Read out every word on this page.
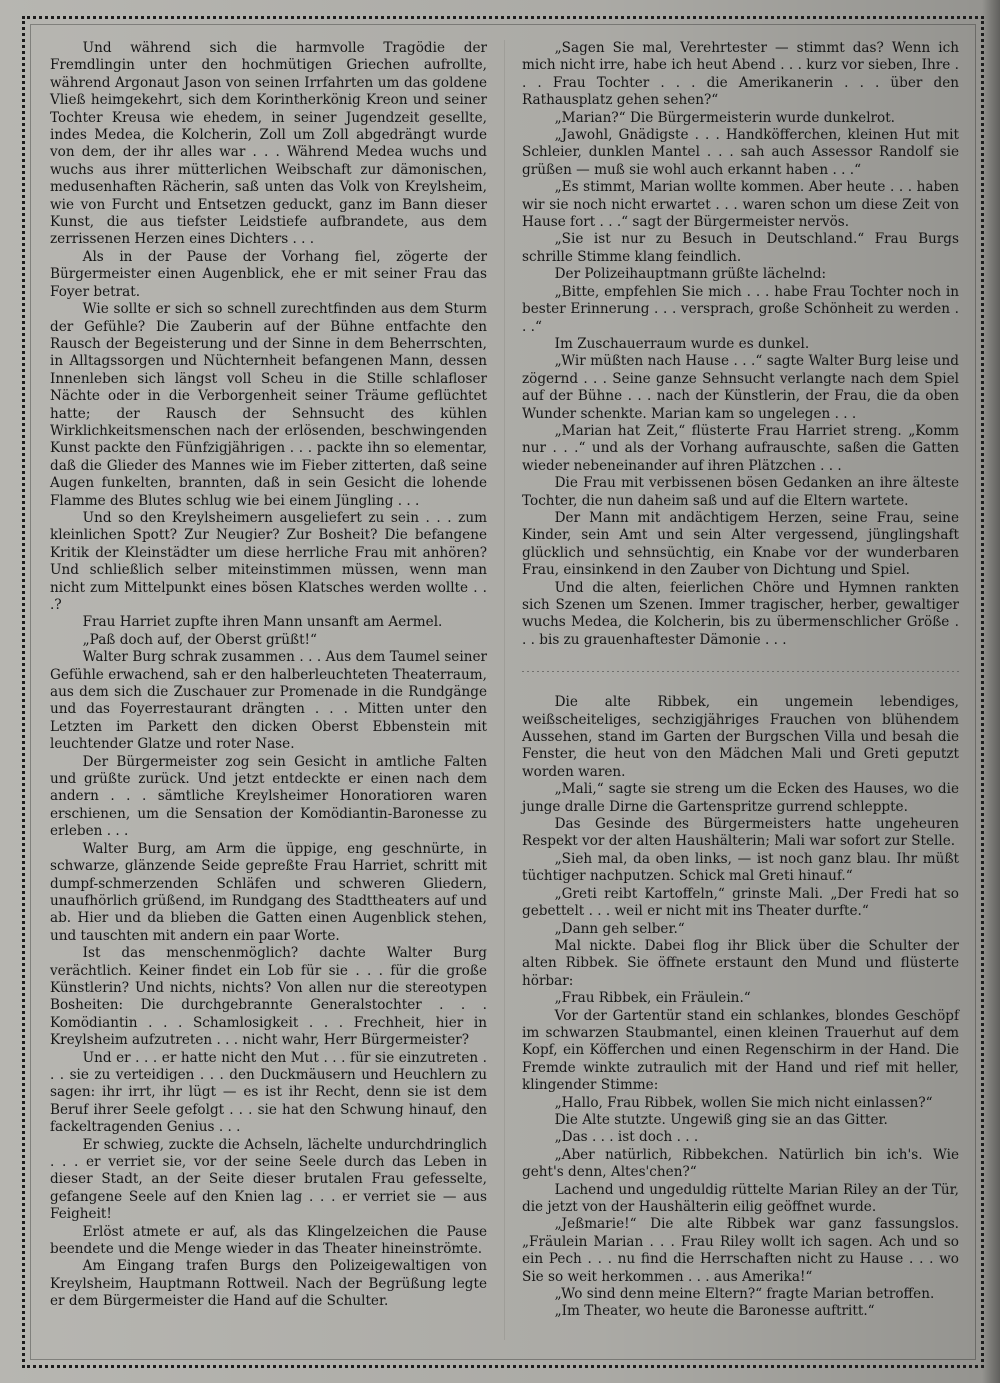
Und während sich die harmvolle Tragödie der Fremdlingin unter den hochmütigen Griechen aufrollte, während Argonaut Jason von seinen Irrfahrten um das goldene Vließ heimgekehrt, sich dem Korintherkönig Kreon und seiner Tochter Kreusa wie ehedem, in seiner Jugendzeit gesellte, indes Medea, die Kolcherin, Zoll um Zoll abgedrängt wurde von dem, der ihr alles war . . . Während Medea wuchs und wuchs aus ihrer mütterlichen Weibschaft zur dämonischen, medusenhaften Rächerin, saß unten das Volk von Kreylsheim, wie von Furcht und Entsetzen geduckt, ganz im Bann dieser Kunst, die aus tiefster Leidstiefe aufbrandete, aus dem zerrissenen Herzen eines Dichters . . .

Als in der Pause der Vorhang fiel, zögerte der Bürgermeister einen Augenblick, ehe er mit seiner Frau das Foyer betrat.

Wie sollte er sich so schnell zurechtfinden aus dem Sturm der Gefühle? Die Zauberin auf der Bühne entfachte den Rausch der Begeisterung und der Sinne in dem Beherrschten, in Alltagssorgen und Nüchternheit befangenen Mann, dessen Innenleben sich längst voll Scheu in die Stille schlafloser Nächte oder in die Verborgenheit seiner Träume geflüchtet hatte; der Rausch der Sehnsucht des kühlen Wirklichkeitsmenschen nach der erlösenden, beschwingenden Kunst packte den Fünfzigjährigen . . . packte ihn so elementar, daß die Glieder des Mannes wie im Fieber zitterten, daß seine Augen funkelten, brannten, daß in sein Gesicht die lohende Flamme des Blutes schlug wie bei einem Jüngling . . .

Und so den Kreylsheimern ausgeliefert zu sein . . . zum kleinlichen Spott? Zur Neugier? Zur Bosheit? Die befangene Kritik der Kleinstädter um diese herrliche Frau mit anhören? Und schließlich selber miteinstimmen müssen, wenn man nicht zum Mittelpunkt eines bösen Klatsches werden wollte . . .?

Frau Harriet zupfte ihren Mann unsanft am Aermel.

„Paß doch auf, der Oberst grüßt!“

Walter Burg schrak zusammen . . . Aus dem Taumel seiner Gefühle erwachend, sah er den halberleuchteten Theaterraum, aus dem sich die Zuschauer zur Promenade in die Rundgänge und das Foyerrestaurant drängten . . . Mitten unter den Letzten im Parkett den dicken Oberst Ebbenstein mit leuchtender Glatze und roter Nase.

Der Bürgermeister zog sein Gesicht in amtliche Falten und grüßte zurück. Und jetzt entdeckte er einen nach dem andern . . . sämtliche Kreylsheimer Honoratioren waren erschienen, um die Sensation der Komödiantin-Baronesse zu erleben . . .

Walter Burg, am Arm die üppige, eng geschnürte, in schwarze, glänzende Seide gepreßte Frau Harriet, schritt mit dumpf-schmerzenden Schläfen und schweren Gliedern, unaufhörlich grüßend, im Rundgang des Stadttheaters auf und ab. Hier und da blieben die Gatten einen Augenblick stehen, und tauschten mit andern ein paar Worte.

Ist das menschenmöglich? dachte Walter Burg verächtlich. Keiner findet ein Lob für sie . . . für die große Künstlerin? Und nichts, nichts? Von allen nur die stereotypen Bosheiten: Die durchgebrannte Generalstochter . . . Komödiantin . . . Schamlosigkeit . . . Frechheit, hier in Kreylsheim aufzutreten . . . nicht wahr, Herr Bürgermeister?

Und er . . . er hatte nicht den Mut . . . für sie einzutreten . . . sie zu verteidigen . . . den Duckmäusern und Heuchlern zu sagen: ihr irrt, ihr lügt — es ist ihr Recht, denn sie ist dem Beruf ihrer Seele gefolgt . . . sie hat den Schwung hinauf, den fackeltragenden Genius . . .

Er schwieg, zuckte die Achseln, lächelte undurchdringlich . . . er verriet sie, vor der seine Seele durch das Leben in dieser Stadt, an der Seite dieser brutalen Frau gefesselte, gefangene Seele auf den Knien lag . . . er verriet sie — aus Feigheit!

Erlöst atmete er auf, als das Klingelzeichen die Pause beendete und die Menge wieder in das Theater hineinströmte.

Am Eingang trafen Burgs den Polizeigewaltigen von Kreylsheim, Hauptmann Rottweil. Nach der Begrüßung legte er dem Bürgermeister die Hand auf die Schulter.

„Sagen Sie mal, Verehrtester — stimmt das? Wenn ich mich nicht irre, habe ich heut Abend . . . kurz vor sieben, Ihre . . . Frau Tochter . . . die Amerikanerin . . . über den Rathausplatz gehen sehen?“

„Marian?“ Die Bürgermeisterin wurde dunkelrot.

„Jawohl, Gnädigste . . . Handköfferchen, kleinen Hut mit Schleier, dunklen Mantel . . . sah auch Assessor Randolf sie grüßen — muß sie wohl auch erkannt haben . . .“

„Es stimmt, Marian wollte kommen. Aber heute . . . haben wir sie noch nicht erwartet . . . waren schon um diese Zeit von Hause fort . . .“ sagt der Bürgermeister nervös.

„Sie ist nur zu Besuch in Deutschland.“ Frau Burgs schrille Stimme klang feindlich.

Der Polizeihauptmann grüßte lächelnd:

„Bitte, empfehlen Sie mich . . . habe Frau Tochter noch in bester Erinnerung . . . versprach, große Schönheit zu werden . . .“

Im Zuschauerraum wurde es dunkel.

„Wir müßten nach Hause . . .“ sagte Walter Burg leise und zögernd . . . Seine ganze Sehnsucht verlangte nach dem Spiel auf der Bühne . . . nach der Künstlerin, der Frau, die da oben Wunder schenkte. Marian kam so ungelegen . . .

„Marian hat Zeit,“ flüsterte Frau Harriet streng. „Komm nur . . .“ und als der Vorhang aufrauschte, saßen die Gatten wieder nebeneinander auf ihren Plätzchen . . .

Die Frau mit verbissenen bösen Gedanken an ihre älteste Tochter, die nun daheim saß und auf die Eltern wartete.

Der Mann mit andächtigem Herzen, seine Frau, seine Kinder, sein Amt und sein Alter vergessend, jünglingshaft glücklich und sehnsüchtig, ein Knabe vor der wunderbaren Frau, einsinkend in den Zauber von Dichtung und Spiel.

Und die alten, feierlichen Chöre und Hymnen rankten sich Szenen um Szenen. Immer tragischer, herber, gewaltiger wuchs Medea, die Kolcherin, bis zu übermenschlicher Größe . . . bis zu grauenhaftester Dämonie . . .

Die alte Ribbek, ein ungemein lebendiges, weißscheiteliges, sechzigjähriges Frauchen von blühendem Aussehen, stand im Garten der Burgschen Villa und besah die Fenster, die heut von den Mädchen Mali und Greti geputzt worden waren.

„Mali,“ sagte sie streng um die Ecken des Hauses, wo die junge dralle Dirne die Gartenspritze gurrend schleppte.

Das Gesinde des Bürgermeisters hatte ungeheuren Respekt vor der alten Haushälterin; Mali war sofort zur Stelle.

„Sieh mal, da oben links, — ist noch ganz blau. Ihr müßt tüchtiger nachputzen. Schick mal Greti hinauf.“

„Greti reibt Kartoffeln,“ grinste Mali. „Der Fredi hat so gebettelt . . . weil er nicht mit ins Theater durfte.“

„Dann geh selber.“

Mal nickte. Dabei flog ihr Blick über die Schulter der alten Ribbek. Sie öffnete erstaunt den Mund und flüsterte hörbar:

„Frau Ribbek, ein Fräulein.“

Vor der Gartentür stand ein schlankes, blondes Geschöpf im schwarzen Staubmantel, einen kleinen Trauerhut auf dem Kopf, ein Köfferchen und einen Regenschirm in der Hand. Die Fremde winkte zutraulich mit der Hand und rief mit heller, klingender Stimme:

„Hallo, Frau Ribbek, wollen Sie mich nicht einlassen?“

Die Alte stutzte. Ungewiß ging sie an das Gitter.

„Das . . . ist doch . . .

„Aber natürlich, Ribbekchen. Natürlich bin ich's. Wie geht's denn, Altes'chen?“

Lachend und ungeduldig rüttelte Marian Riley an der Tür, die jetzt von der Haushälterin eilig geöffnet wurde.

„Jeßmarie!“ Die alte Ribbek war ganz fassungslos. „Fräulein Marian . . . Frau Riley wollt ich sagen. Ach und so ein Pech . . . nu find die Herrschaften nicht zu Hause . . . wo Sie so weit herkommen . . . aus Amerika!“

„Wo sind denn meine Eltern?“ fragte Marian betroffen.

„Im Theater, wo heute die Baronesse auftritt.“
